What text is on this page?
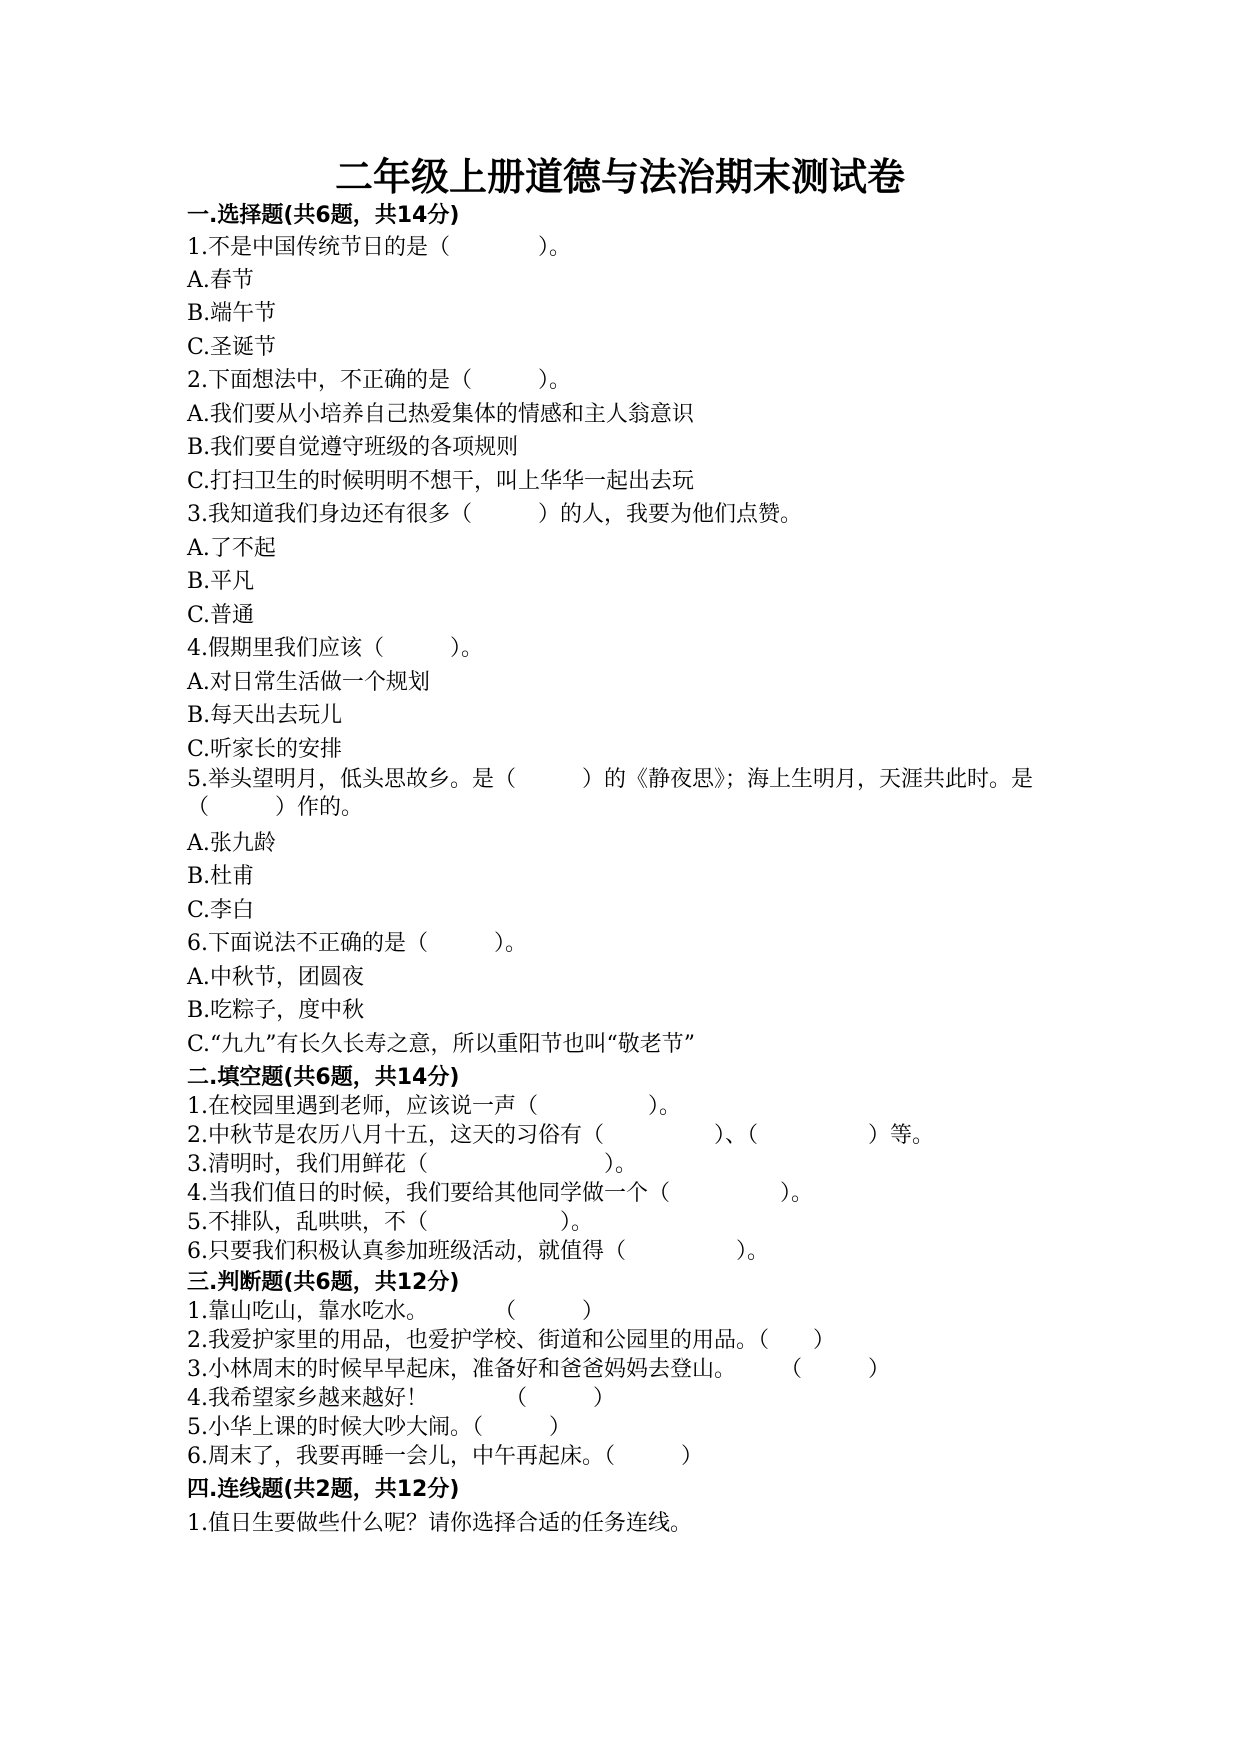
二年级上册道德与法治期末测试卷
一.选择题(共6题，共14分)
1.不是中国传统节日的是（　　　　）。
A.春节
B.端午节
C.圣诞节
2.下面想法中，不正确的是（　　　）。
A.我们要从小培养自己热爱集体的情感和主人翁意识
B.我们要自觉遵守班级的各项规则
C.打扫卫生的时候明明不想干，叫上华华一起出去玩
3.我知道我们身边还有很多（　　　）的人，我要为他们点赞。
A.了不起
B.平凡
C.普通
4.假期里我们应该（　　　）。
A.对日常生活做一个规划
B.每天出去玩儿
C.听家长的安排
5.举头望明月，低头思故乡。是（　　　）的《静夜思》；海上生明月，天涯共此时。是（　　　）作的。
A.张九龄
B.杜甫
C.李白
6.下面说法不正确的是（　　　）。
A.中秋节，团圆夜
B.吃粽子，度中秋
C.“九九”有长久长寿之意，所以重阳节也叫“敬老节”
二.填空题(共6题，共14分)
1.在校园里遇到老师，应该说一声（　　　　　）。
2.中秋节是农历八月十五，这天的习俗有（　　　　　）、（　　　　　）等。
3.清明时，我们用鲜花（　　　　　　　　）。
4.当我们值日的时候，我们要给其他同学做一个（　　　　　）。
5.不排队，乱哄哄，不（　　　　　　）。
6.只要我们积极认真参加班级活动，就值得（　　　　　）。
三.判断题(共6题，共12分)
1.靠山吃山，靠水吃水。　　　　（　　　）
2.我爱护家里的用品，也爱护学校、街道和公园里的用品。（　　）
3.小林周末的时候早早起床，准备好和爸爸妈妈去登山。　　　（　　　）
4.我希望家乡越来越好！　　　　（　　　）
5.小华上课的时候大吵大闹。（　　　）
6.周末了，我要再睡一会儿，中午再起床。（　　　）
四.连线题(共2题，共12分)
1.值日生要做些什么呢？请你选择合适的任务连线。
